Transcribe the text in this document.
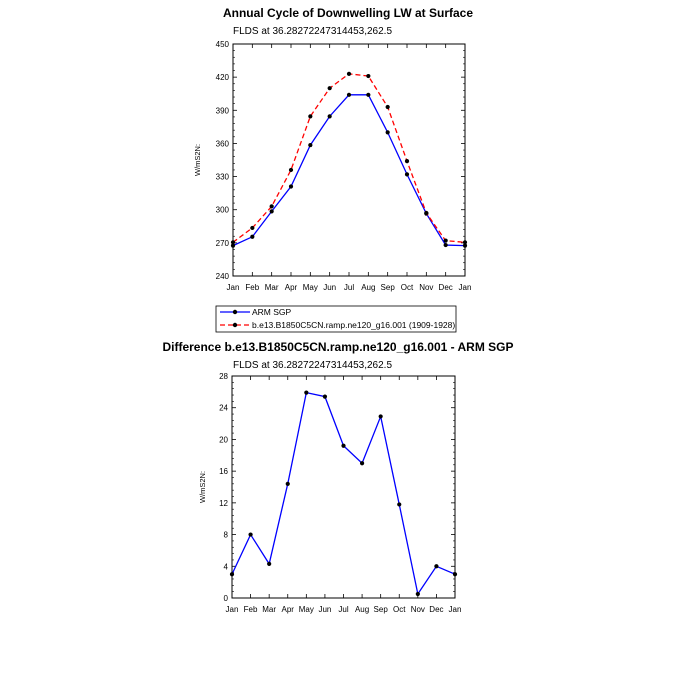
Annual Cycle of Downwelling LW at Surface
FLDS at 36.28272247314453,262.5
W/mS2N:
240
270
300
330
360
390
420
450
Jan Feb Mar Apr May Jun Jul Aug Sep Oct Nov Dec Jan
ARM SGP
b.e13.B1850C5CN.ramp.ne120_g16.001 (1909-1928)
Difference b.e13.B1850C5CN.ramp.ne120_g16.001 - ARM SGP
FLDS at 36.28272247314453,262.5
W/mS2N:
0
4
8
12
16
20
24
28
Jan Feb Mar Apr May Jun Jul Aug Sep Oct Nov Dec Jan
